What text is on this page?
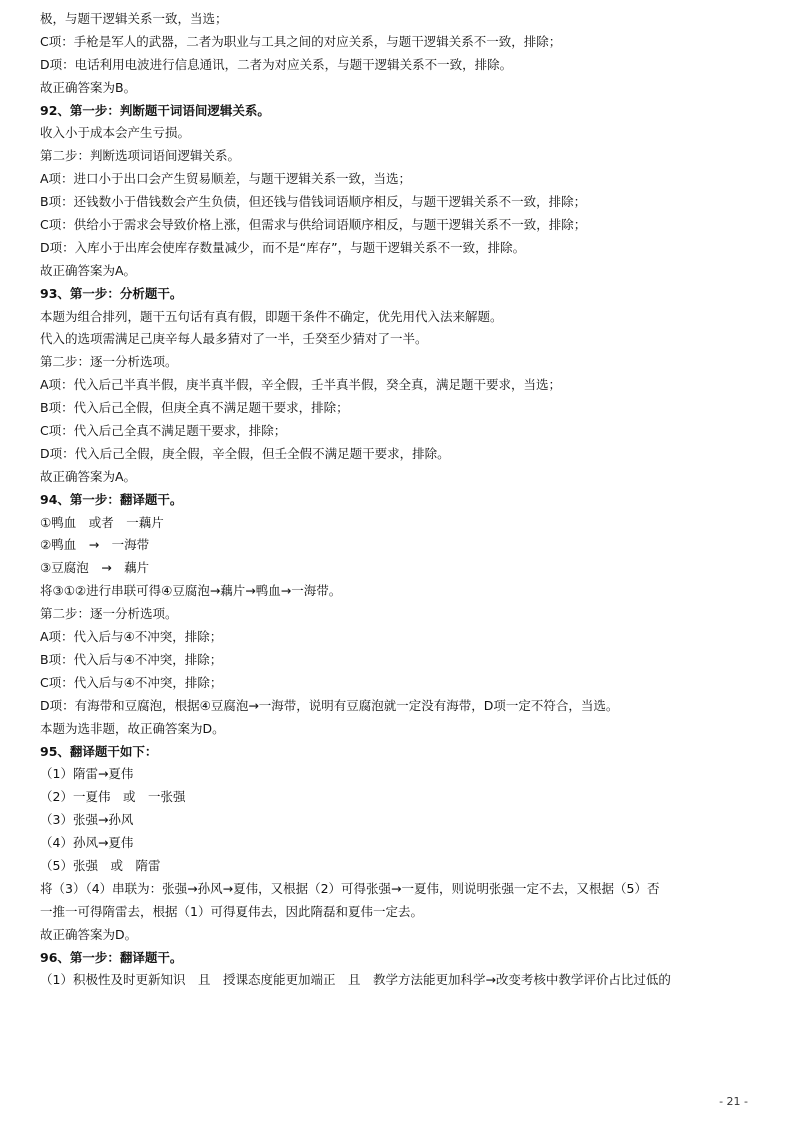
极，与题干逻辑关系一致，当选；
C项：手枪是军人的武器，二者为职业与工具之间的对应关系，与题干逻辑关系不一致，排除；
D项：电话利用电波进行信息通讯，二者为对应关系，与题干逻辑关系不一致，排除。
故正确答案为B。
92、第一步：判断题干词语间逻辑关系。
收入小于成本会产生亏损。
第二步：判断选项词语间逻辑关系。
A项：进口小于出口会产生贸易顺差，与题干逻辑关系一致，当选；
B项：还钱数小于借钱数会产生负债，但还钱与借钱词语顺序相反，与题干逻辑关系不一致，排除；
C项：供给小于需求会导致价格上涨，但需求与供给词语顺序相反，与题干逻辑关系不一致，排除；
D项：入库小于出库会使库存数量减少，而不是“库存”，与题干逻辑关系不一致，排除。
故正确答案为A。
93、第一步：分析题干。
本题为组合排列，题干五句话有真有假，即题干条件不确定，优先用代入法来解题。
代入的选项需满足己庚辛每人最多猜对了一半，壬癸至少猜对了一半。
第二步：逐一分析选项。
A项：代入后己半真半假，庚半真半假，辛全假，壬半真半假，癸全真，满足题干要求，当选；
B项：代入后己全假，但庚全真不满足题干要求，排除；
C项：代入后己全真不满足题干要求，排除；
D项：代入后己全假，庚全假，辛全假，但壬全假不满足题干要求，排除。
故正确答案为A。
94、第一步：翻译题干。
①鸭血　或者　一藕片
②鸭血　→　一海带
③豆腐泡　→　藕片
将③①②进行串联可得④豆腐泡→藕片→鸭血→一海带。
第二步：逐一分析选项。
A项：代入后与④不冲突，排除；
B项：代入后与④不冲突，排除；
C项：代入后与④不冲突，排除；
D项：有海带和豆腐泡，根据④豆腐泡→一海带，说明有豆腐泡就一定没有海带，D项一定不符合，当选。
本题为选非题，故正确答案为D。
95、翻译题干如下：
（1）隋雷→夏伟
（2）一夏伟　或　一张强
（3）张强→孙风
（4）孙风→夏伟
（5）张强　或　隋雷
将（3）（4）串联为：张强→孙风→夏伟，又根据（2）可得张强→一夏伟，则说明张强一定不去，又根据（5）否
一推一可得隋雷去，根据（1）可得夏伟去，因此隋磊和夏伟一定去。
故正确答案为D。
96、第一步：翻译题干。
（1）积极性及时更新知识　且　授课态度能更加端正　且　教学方法能更加科学→改变考核中教学评价占比过低的
- 21 -
